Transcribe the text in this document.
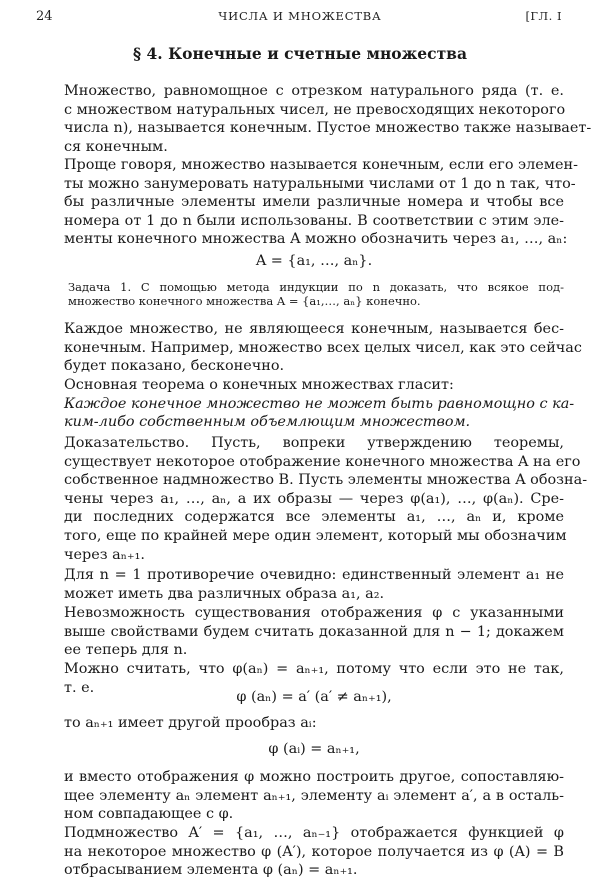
24	ЧИСЛА И МНОЖЕСТВА	[ГЛ. I
§ 4. Конечные и счетные множества
Множество, равномощное с отрезком натурального ряда (т. е.
с множеством натуральных чисел, не превосходящих некоторого
числа n), называется конечным. Пустое множество также называет-
ся конечным.
Проще говоря, множество называется конечным, если его элемен-
ты можно занумеровать натуральными числами от 1 до n так, что-
бы различные элементы имели различные номера и чтобы все
номера от 1 до n были использованы. В соответствии с этим эле-
менты конечного множества A можно обозначить через a₁, …, aₙ:
A = {a₁, …, aₙ}.
Задача 1. С помощью метода индукции по n доказать, что всякое под-
множество конечного множества A = {a₁,…, aₙ} конечно.
Каждое множество, не являющееся конечным, называется бес-
конечным. Например, множество всех целых чисел, как это сейчас
будет показано, бесконечно.
Основная теорема о конечных множествах гласит:
Каждое конечное множество не может быть равномощно с ка-
ким-либо собственным объемлющим множеством.
Доказательство. Пусть, вопреки утверждению теоремы,
существует некоторое отображение конечного множества A на его
собственное надмножество B. Пусть элементы множества A обозна-
чены через a₁, …, aₙ, а их образы — через φ(a₁), …, φ(aₙ). Сре-
ди последних содержатся все элементы a₁, …, aₙ и, кроме
того, еще по крайней мере один элемент, который мы обозначим
через aₙ₊₁.
Для n = 1 противоречие очевидно: единственный элемент a₁ не
может иметь два различных образа a₁, a₂.
Невозможность существования отображения φ с указанными
выше свойствами будем считать доказанной для n − 1; докажем
ее теперь для n.
Можно считать, что φ(aₙ) = aₙ₊₁, потому что если это не так,
т. е.
φ (aₙ) = a′ (a′ ≠ aₙ₊₁),
то aₙ₊₁ имеет другой прообраз aᵢ:
φ (aᵢ) = aₙ₊₁,
и вместо отображения φ можно построить другое, сопоставляю-
щее элементу aₙ элемент aₙ₊₁, элементу aᵢ элемент a′, а в осталь-
ном совпадающее с φ.
Подмножество A′ = {a₁, …, aₙ₋₁} отображается функцией φ
на некоторое множество φ (A′), которое получается из φ (A) = B
отбрасыванием элемента φ (aₙ) = aₙ₊₁.
